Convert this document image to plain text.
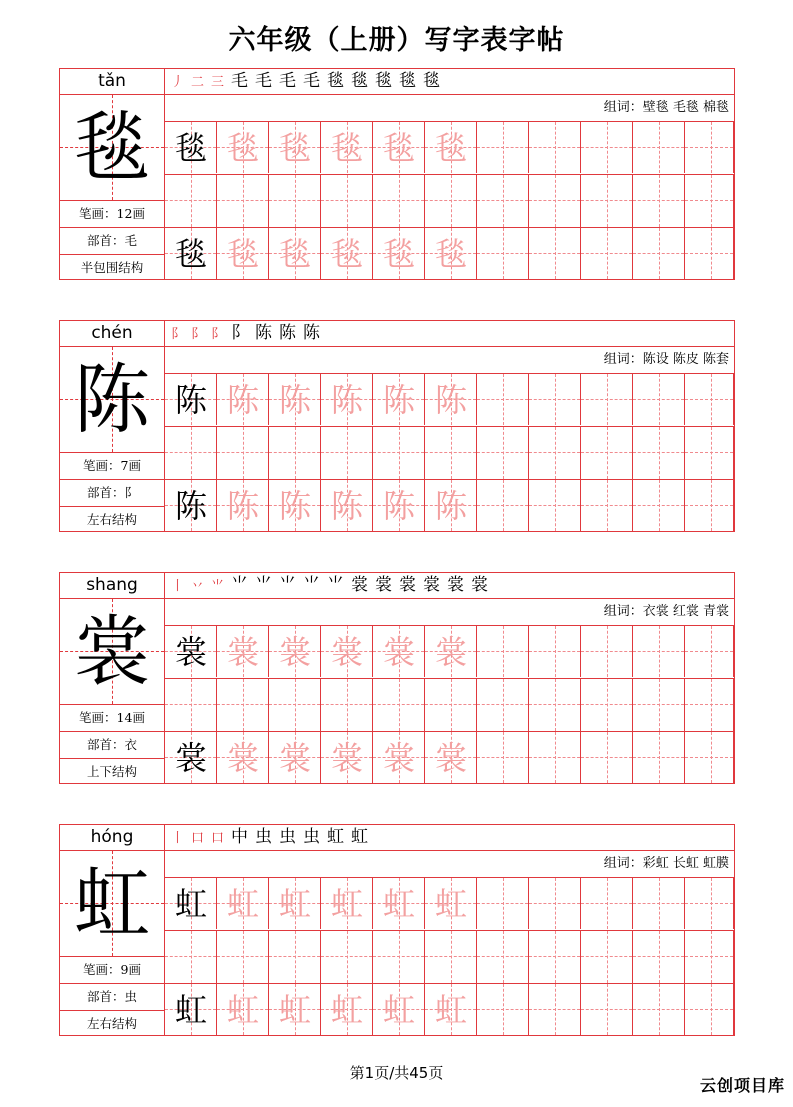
六年级（上册）写字表字帖
tǎn
毯
笔画：12画
部首：毛
半包围结构
丿 二 三 毛 毛 毛 毛 毯 毯 毯 毯 毯
组词：壁毯 毛毯 棉毯
毯 毯 毯 毯 毯 毯
毯 毯 毯 毯 毯 毯
chén
陈
笔画：7画
部首：阝
左右结构
阝 阝 阝 阝 陈 陈 陈
组词：陈设 陈皮 陈套
陈 陈 陈 陈 陈 陈
陈 陈 陈 陈 陈 陈
shang
裳
笔画：14画
部首：衣
上下结构
丨 丷 ⺌ ⺌ ⺌ ⺌ ⺌ ⺌ 裳 裳 裳 裳 裳 裳
组词：衣裳 红裳 青裳
裳 裳 裳 裳 裳 裳
裳 裳 裳 裳 裳 裳
hóng
虹
笔画：9画
部首：虫
左右结构
丨 口 口 中 虫 虫 虫 虹 虹
组词：彩虹 长虹 虹膜
虹 虹 虹 虹 虹 虹
虹 虹 虹 虹 虹 虹
第1页/共45页
云创项目库
